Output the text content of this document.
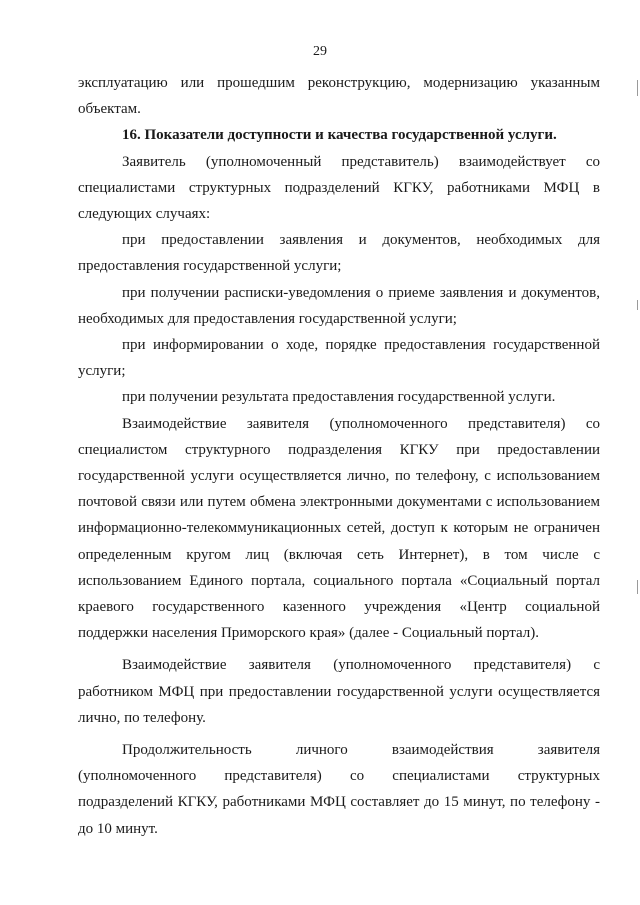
29

эксплуатацию или прошедшим реконструкцию, модернизацию указанным объектам.

16. Показатели доступности и качества государственной услуги.

Заявитель (уполномоченный представитель) взаимодействует со специалистами структурных подразделений КГКУ, работниками МФЦ в следующих случаях:

при предоставлении заявления и документов, необходимых для предоставления государственной услуги;

при получении расписки-уведомления о приеме заявления и документов, необходимых для предоставления государственной услуги;

при информировании о ходе, порядке предоставления государственной услуги;

при получении результата предоставления государственной услуги.

Взаимодействие заявителя (уполномоченного представителя) со специалистом структурного подразделения КГКУ при предоставлении государственной услуги осуществляется лично, по телефону, с использованием почтовой связи или путем обмена электронными документами с использованием информационно-телекоммуникационных сетей, доступ к которым не ограничен определенным кругом лиц (включая сеть Интернет), в том числе с использованием Единого портала, социального портала «Социальный портал краевого государственного казенного учреждения «Центр социальной поддержки населения Приморского края» (далее - Социальный портал).

Взаимодействие заявителя (уполномоченного представителя) с работником МФЦ при предоставлении государственной услуги осуществляется лично, по телефону.

Продолжительность личного взаимодействия заявителя (уполномоченного представителя) со специалистами структурных подразделений КГКУ, работниками МФЦ составляет до 15 минут, по телефону - до 10 минут.
